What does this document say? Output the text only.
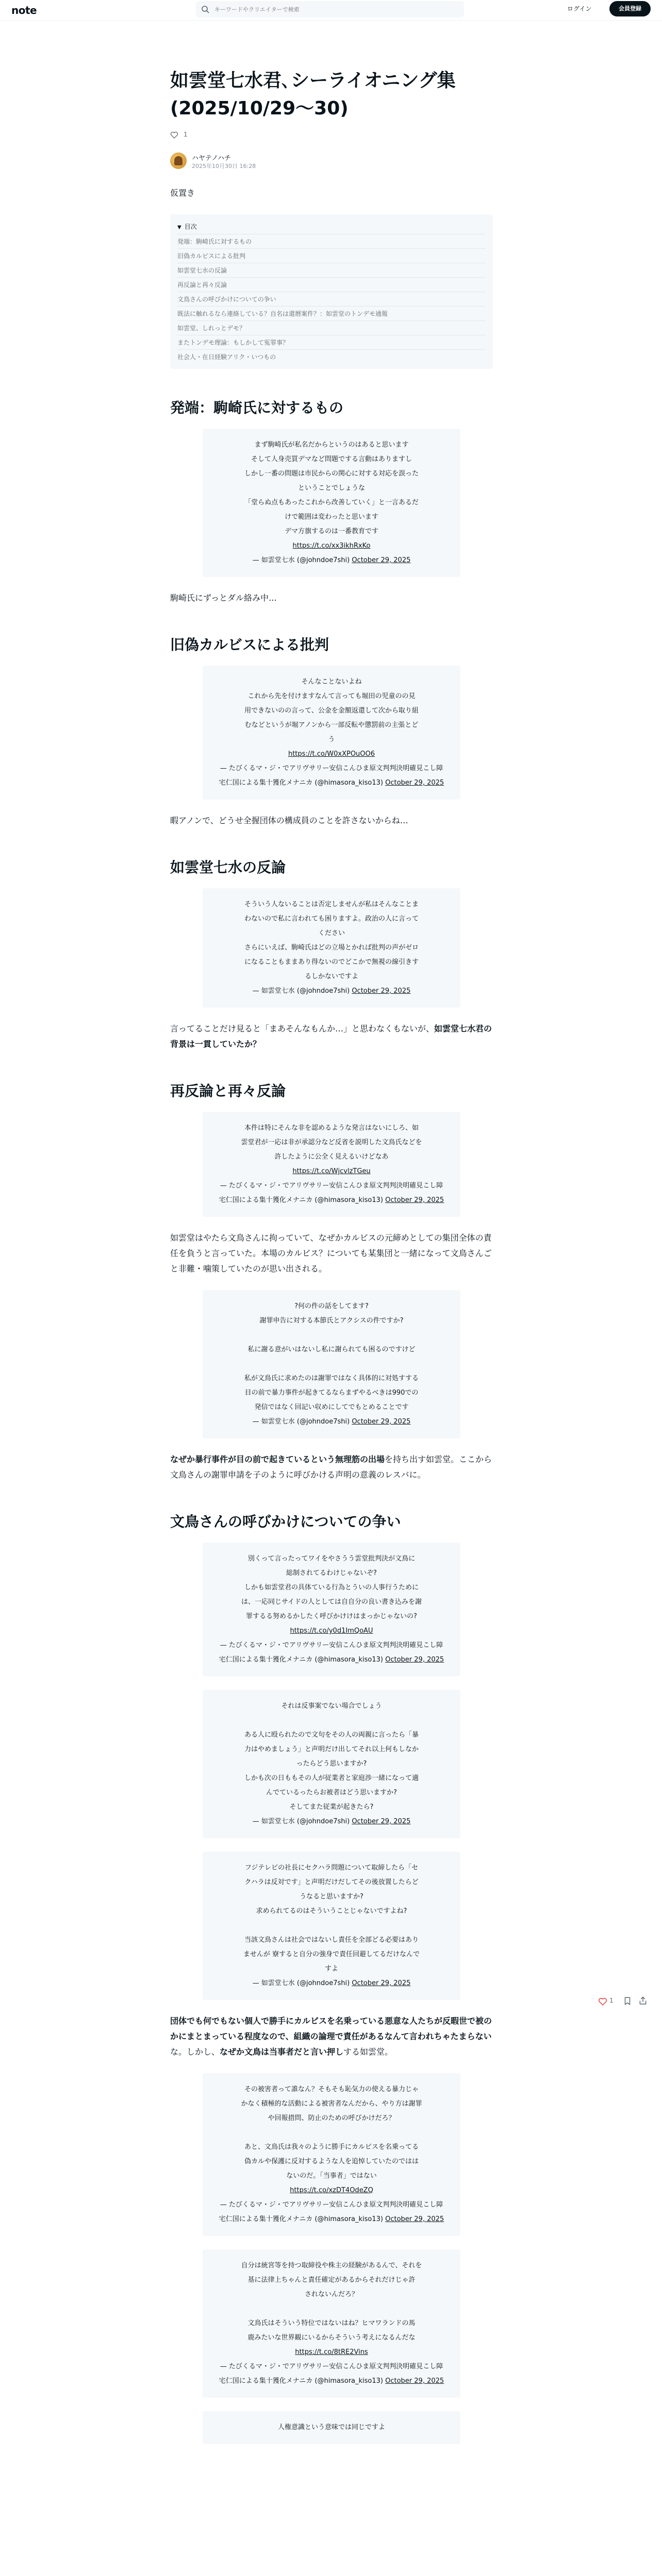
note
キーワードやクリエイターで検索	ログイン	会員登録
如雲堂七水君､シーライオニング集(2025/10/29〜30)
1
ハヤテノハチ
2025年10月30日 16:28

仮置き

▼ 目次
発端：駒崎氏に対するもの
旧偽カルビスによる批判
如雲堂七水の反論
再反論と再々反論
文鳥さんの呼びかけについての争い
既法に触れるなら連絡している？自名は還暦案件？：如雲堂のトンデモ通報
如雲堂、しれっとデモ？
またトンデモ理論：もしかして冤罪事？
社会人・在日経験アリク・いつもの
発端：駒崎氏に対するもの
まず駒崎氏が私名だからというのはあると思います
そして人身売買デマなど問題でする言動はありますし
しかし一番の問題は市民からの関心に対する対応を誤った
ということでしょうな
「堂らぬ点もあったこれから改善していく」と一言あるだ
けで範囲は変わったと思います
デマ方旗するのは一番教育です
https://t.co/xx3ikhRxKo
— 如雲堂七水 (@johndoe7shi) October 29, 2025

駒崎氏にずっとダル絡み中…

旧偽カルビスによる批判
そんなことないよね
これから先を付けますなんて言っても堀田の児童のの見
用できないのの言って、公金を金額返還して次から取り組
むなどというが堀アノンから一部反転や懲罰前の主張とど
う
https://t.co/W0xXPOuOO6
— たびくるマ・ジ・でアリヴサリー安信こんひま原文判判決明確見こし障宅仁国による集十獲化メナニカ (@himasora_kiso13) October 29, 2025

暇アノンで、どうせ全握団体の構成員のことを許さないからね…

如雲堂七水の反論
そういう人ないることは否定しませんが私はそんなことま
わないので私に言われても困りますよ。政治の人に言って
ください
さらにいえば、駒崎氏はどの立場とかれば批判の声がゼロ
になることもままあり得ないのでどこかで無視の線引きす
るしかないですよ
— 如雲堂七水 (@johndoe7shi) October 29, 2025

言ってることだけ見ると「まあそんなもんか…」と思わなくもないが、如雲堂七水君の背景は一貫していたか？

再反論と再々反論
本件は特にそんな非を認めるような発言はないにしろ、如
雲堂君が一応は非が承認分など反省を説明した文鳥氏などを
許したように公全く見えるいけどなあ
https://t.co/WjcvlzTGeu
— たびくるマ・ジ・でアリヴサリー安信こんひま原文判判決明確見こし障宅仁国による集十獲化メナニカ (@himasora_kiso13) October 29, 2025

如雲堂はやたら文鳥さんに拘っていて、なぜかカルビスの元締めとしての集団全体の責任を負うと言っていた。本場のカルビス？についても某集団と一緒になって文鳥さんごと非難・噛策していたのが思い出される。

?何の件の話をしてます?
謝罪申告に対する本節氏とアクシスの件ですか?
私に謝る意がいはないし私に謝られても困るのですけど

私が文鳥氏に求めたのは謝罪ではなく具体的に対処すする
目の前で暴力事件が起きてるならまずやるべきは990での
発信ではなく回記い収めにしてでもとめることです
— 如雲堂七水 (@johndoe7shi) October 29, 2025

なぜか暴行事件が目の前で起きているという無理筋の出場を持ち出す如雲堂。ここから文鳥さんの謝罪申請を子のように呼びかける声明の意義のレスバに。

文鳥さんの呼びかけについての争い
別くって言ったってワイをやさうう雲堂批判決が文鳥に
総制されてるわけじゃないぞ?
しかも如雲堂君の具体ている行為とういの人事行うために
は、一応同じサイドの人としては自自分の良い書き込みを謝
罪するる努めるかしたく呼びかけけはまっかじゃないの?
https://t.co/y0d1ImQoAU
— たびくるマ・ジ・でアリヴサリー安信こんひま原文判判決明確見こし障宅仁国による集十獲化メナニカ (@himasora_kiso13) October 29, 2025
それは反事案でない場合でしょう
ある人に殴られたので文句をその人の両親に言ったら「暴
力はやめましょう」と声明だけ出してそれ以上何もしなか
ったらどう思いますか?
しかも次の日ももその人が従業者と家庭渉一緒になって適
んでているったらお被者はどう思いますか?
そしてまた従業が起きたら?
— 如雲堂七水 (@johndoe7shi) October 29, 2025
フジテレビの社長にセクハラ問題について取締したら「セ
クハラは反対です」と声明だけだしてその後放置したらど
うなると思いますか?
求められてるのはそういうことじゃないですよね?
当該文鳥さんは社会ではないし責任を全部どる必要はあり
ませんが 寮すると自分の強身で責任回避してるだけなんで
すよ
— 如雲堂七水 (@johndoe7shi) October 29, 2025

団体でも何でもない個人で勝手にカルビスを名乗っている悪意な人たちが反暇世で被のかにまとまっている程度なので、組織の論理で責任があるなんて言われちゃたまらないな。しかし、なぜか文鳥は当事者だと言い押しする如雲堂。

その被害者って誰なん？そもそも恥気力の使える暴力じゃ
かなく積極的な活動による被害者なんだから、やり方は謝罪
や回報措問、防止のための呼びかけだろ？
あと、文鳥氏は我々のように勝手にカルビスを名乗ってる
偽カルや保護に反対するような人を追悼していたのではは
ないのだ。「当事者」ではない
https://t.co/xzDT4OdeZQ
— たびくるマ・ジ・でアリヴサリー安信こんひま原文判判決明確見こし障宅仁国による集十獲化メナニカ (@himasora_kiso13) October 29, 2025
自分は統宮等を持つ取締役や株主の経験があるんで、それを
基に法律上ちゃんと責任確定があるからそれだけじゃ許
されないんだろ？
文鳥氏はそういう特位ではないはね？ヒマワランドの馬
鹿みたいな世界観にいるからそういう考えになるんだな
https://t.co/8tRE2Vins
— たびくるマ・ジ・でアリヴサリー安信こんひま原文判判決明確見こし障宅仁国による集十獲化メナニカ (@himasora_kiso13) October 29, 2025
人権意識という意味では同じですよ
1
